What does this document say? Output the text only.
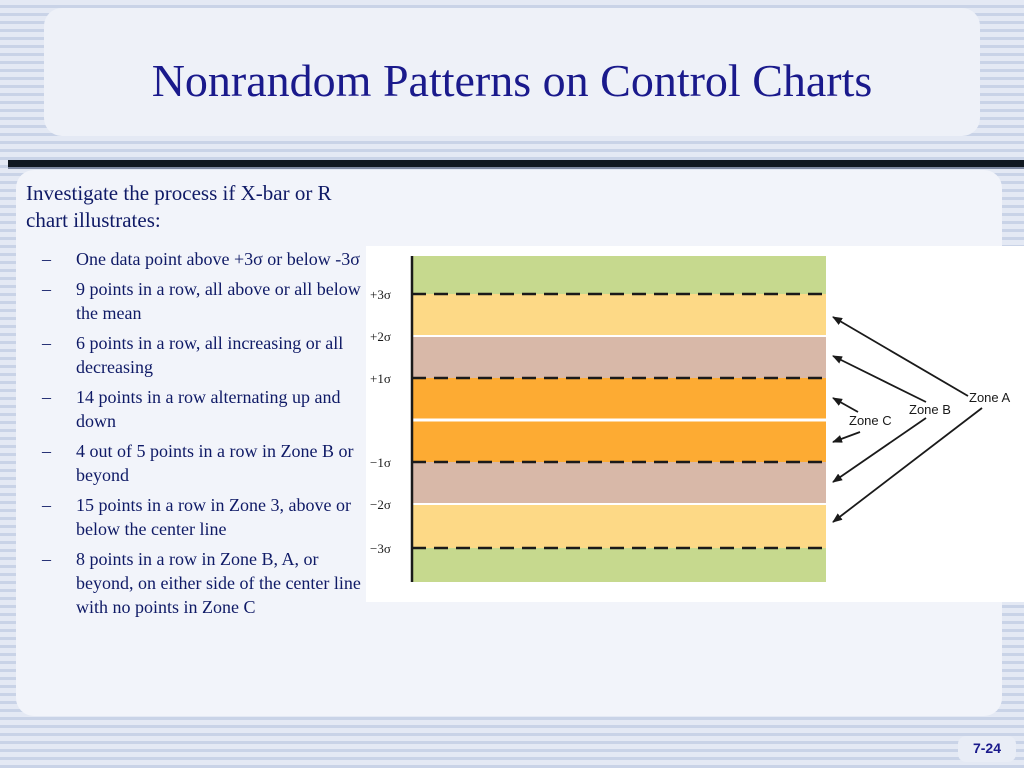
Nonrandom Patterns on Control Charts
Investigate the process if X-bar or R chart illustrates:
– One data point above +3σ or below -3σ
– 9 points in a row, all above or all below the mean
– 6 points in a row, all increasing or all decreasing
– 14 points in a row alternating up and down
– 4 out of 5 points in a row in Zone B or beyond
– 15 points in a row in Zone 3, above or below the center line
– 8 points in a row in Zone B, A, or beyond, on either side of the center line with no points in Zone C
+3σ
+2σ
+1σ
−1σ
−2σ
−3σ
Zone A
Zone B
Zone C
7-24
